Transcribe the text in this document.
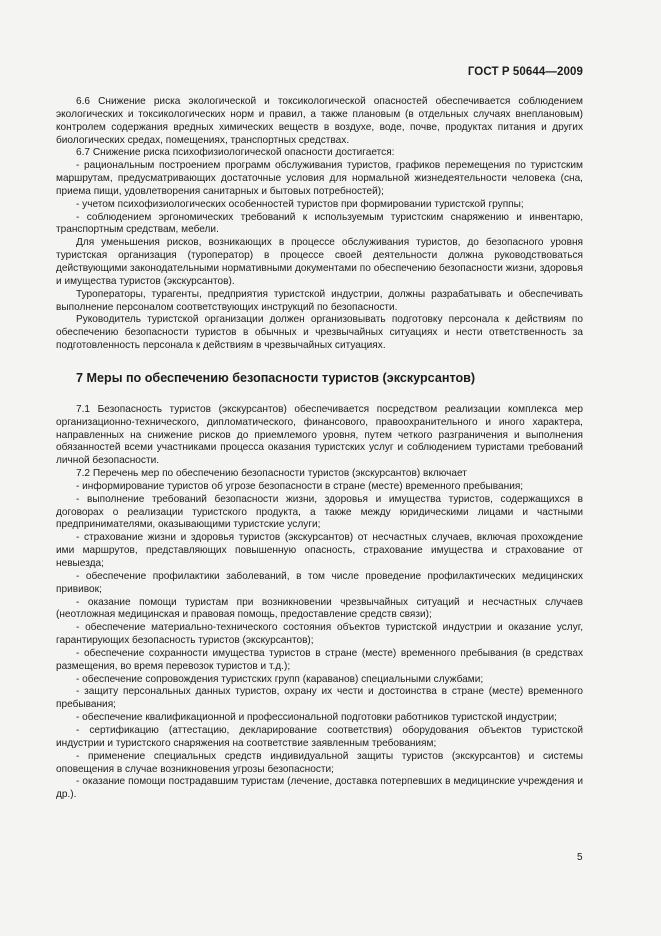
ГОСТ Р 50644—2009

6.6 Снижение риска экологической и токсикологической опасностей обеспечивается соблюдением экологических и токсикологических норм и правил, а также плановым (в отдельных случаях внеплановым) контролем содержания вредных химических веществ в воздухе, воде, почве, продуктах питания и других биологических средах, помещениях, транспортных средствах.

6.7 Снижение риска психофизиологической опасности достигается:

- рациональным построением программ обслуживания туристов, графиков перемещения по туристским маршрутам, предусматривающих достаточные условия для нормальной жизнедеятельности человека (сна, приема пищи, удовлетворения санитарных и бытовых потребностей);

- учетом психофизиологических особенностей туристов при формировании туристской группы;

- соблюдением эргономических требований к используемым туристским снаряжению и инвентарю, транспортным средствам, мебели.

Для уменьшения рисков, возникающих в процессе обслуживания туристов, до безопасного уровня туристская организация (туроператор) в процессе своей деятельности должна руководствоваться действующими законодательными нормативными документами по обеспечению безопасности жизни, здоровья и имущества туристов (экскурсантов).

Туроператоры, турагенты, предприятия туристской индустрии, должны разрабатывать и обеспечивать выполнение персоналом соответствующих инструкций по безопасности.

Руководитель туристской организации должен организовывать подготовку персонала к действиям по обеспечению безопасности туристов в обычных и чрезвычайных ситуациях и нести ответственность за подготовленность персонала к действиям в чрезвычайных ситуациях.

7 Меры по обеспечению безопасности туристов (экскурсантов)

7.1 Безопасность туристов (экскурсантов) обеспечивается посредством реализации комплекса мер организационно-технического, дипломатического, финансового, правоохранительного и иного характера, направленных на снижение рисков до приемлемого уровня, путем четкого разграничения и выполнения обязанностей всеми участниками процесса оказания туристских услуг и соблюдением туристами требований личной безопасности.

7.2 Перечень мер по обеспечению безопасности туристов (экскурсантов) включает

- информирование туристов об угрозе безопасности в стране (месте) временного пребывания;

- выполнение требований безопасности жизни, здоровья и имущества туристов, содержащихся в договорах о реализации туристского продукта, а также между юридическими лицами и частными предпринимателями, оказывающими туристские услуги;

- страхование жизни и здоровья туристов (экскурсантов) от несчастных случаев, включая прохождение ими маршрутов, представляющих повышенную опасность, страхование имущества и страхование от невыезда;

- обеспечение профилактики заболеваний, в том числе проведение профилактических медицинских прививок;

- оказание помощи туристам при возникновении чрезвычайных ситуаций и несчастных случаев (неотложная медицинская и правовая помощь, предоставление средств связи);

- обеспечение материально-технического состояния объектов туристской индустрии и оказание услуг, гарантирующих безопасность туристов (экскурсантов);

- обеспечение сохранности имущества туристов в стране (месте) временного пребывания (в средствах размещения, во время перевозок туристов и т.д.);

- обеспечение сопровождения туристских групп (караванов) специальными службами;

- защиту персональных данных туристов, охрану их чести и достоинства в стране (месте) временного пребывания;

- обеспечение квалификационной и профессиональной подготовки работников туристской индустрии;

- сертификацию (аттестацию, декларирование соответствия) оборудования объектов туристской индустрии и туристского снаряжения на соответствие заявленным требованиям;

- применение специальных средств индивидуальной защиты туристов (экскурсантов) и системы оповещения в случае возникновения угрозы безопасности;

- оказание помощи пострадавшим туристам (лечение, доставка потерпевших в медицинские учреждения и др.).

5
